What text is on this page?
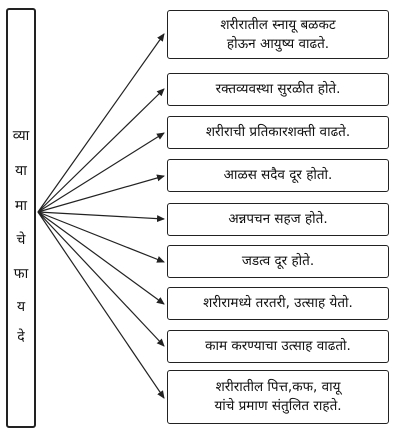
व्या
या
मा
चे
फा
य
दे
शरीरातील स्नायू बळकट
होऊन आयुष्य वाढते.
रक्तव्यवस्था सुरळीत होते.
शरीराची प्रतिकारशक्ती वाढते.
आळस सदैव दूर होतो.
अन्नपचन सहज होते.
जडत्व दूर होते.
शरीरामध्ये तरतरी, उत्साह येतो.
काम करण्याचा उत्साह वाढतो.
शरीरातील पित्त,कफ, वायू
यांचे प्रमाण संतुलित राहते.
